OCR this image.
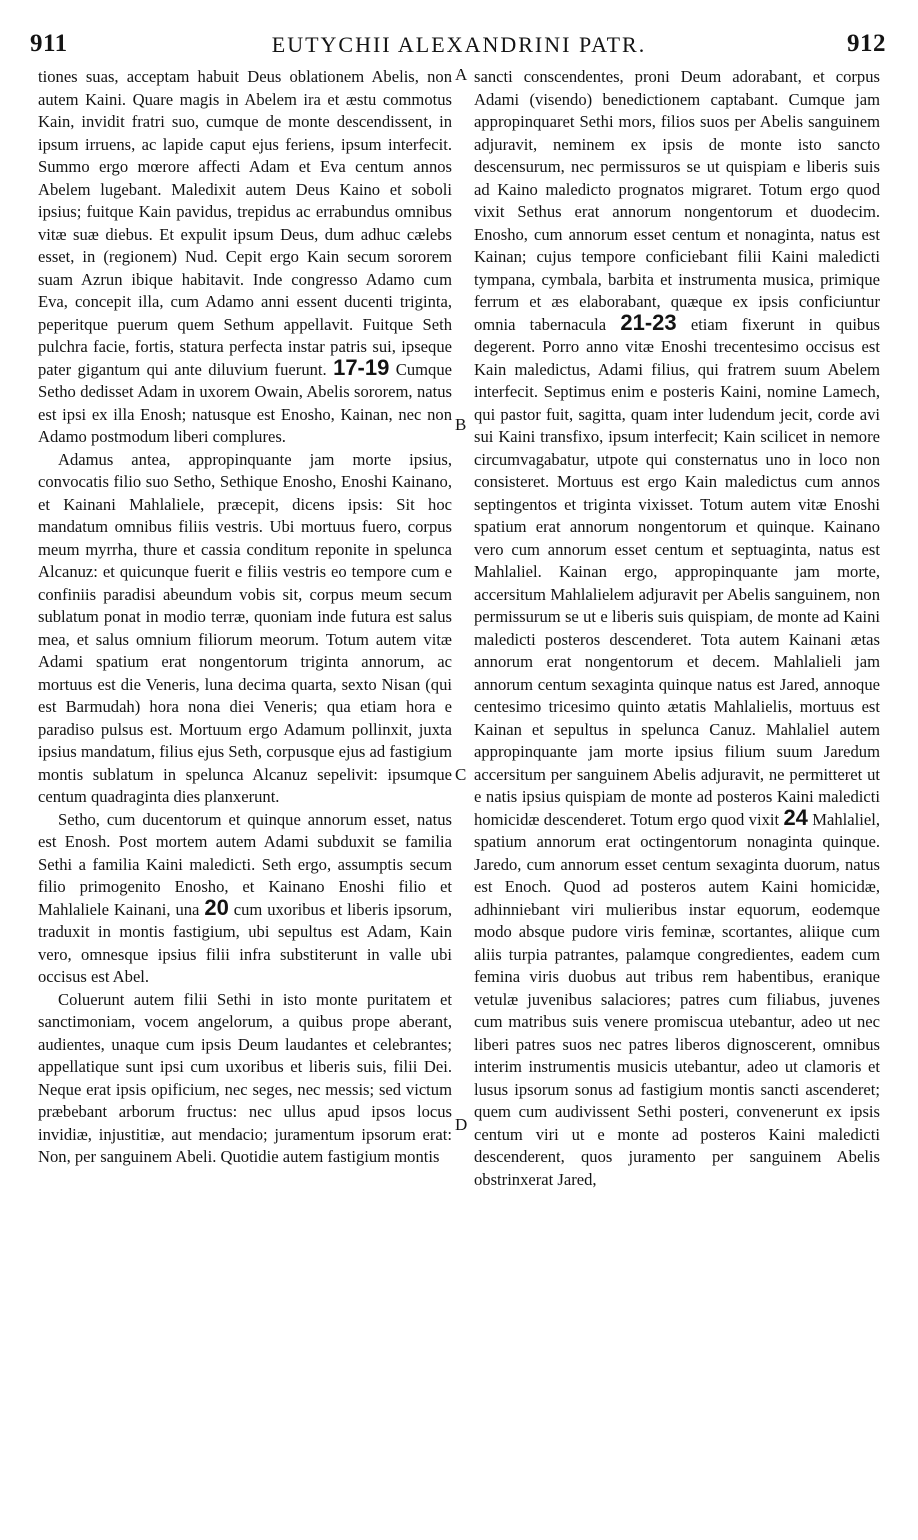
911	EUTYCHII ALEXANDRINI PATR.	912
A
B
C
D

tiones suas, acceptam habuit Deus oblationem Abelis, non autem Kaini. Quare magis in Abelem ira et æstu commotus Kain, invidit fratri suo, cumque de monte descendissent, in ipsum irruens, ac lapide caput ejus feriens, ipsum interfecit. Summo ergo mœrore affecti Adam et Eva centum annos Abelem lugebant. Maledixit autem Deus Kaino et soboli ipsius; fuitque Kain pavidus, trepidus ac errabundus omnibus vitæ suæ diebus. Et expulit ipsum Deus, dum adhuc cælebs esset, in (regionem) Nud. Cepit ergo Kain secum sororem suam Azrun ibique habitavit. Inde congresso Adamo cum Eva, concepit illa, cum Adamo anni essent ducenti triginta, peperitque puerum quem Sethum appellavit. Fuitque Seth pulchra facie, fortis, statura perfecta instar patris sui, ipseque pater gigantum qui ante diluvium fuerunt. 17-19 Cumque Setho dedisset Adam in uxorem Owain, Abelis sororem, natus est ipsi ex illa Enosh; natusque est Enosho, Kainan, nec non Adamo postmodum liberi complures.

Adamus antea, appropinquante jam morte ipsius, convocatis filio suo Setho, Sethique Enosho, Enoshi Kainano, et Kainani Mahlaliele, præcepit, dicens ipsis: Sit hoc mandatum omnibus filiis vestris. Ubi mortuus fuero, corpus meum myrrha, thure et cassia conditum reponite in spelunca Alcanuz: et quicunque fuerit e filiis vestris eo tempore cum e confiniis paradisi abeundum vobis sit, corpus meum secum sublatum ponat in modio terræ, quoniam inde futura est salus mea, et salus omnium filiorum meorum. Totum autem vitæ Adami spatium erat nongentorum triginta annorum, ac mortuus est die Veneris, luna decima quarta, sexto Nisan (qui est Barmudah) hora nona diei Veneris; qua etiam hora e paradiso pulsus est. Mortuum ergo Adamum pollinxit, juxta ipsius mandatum, filius ejus Seth, corpusque ejus ad fastigium montis sublatum in spelunca Alcanuz sepelivit: ipsumque centum quadraginta dies planxerunt.

Setho, cum ducentorum et quinque annorum esset, natus est Enosh. Post mortem autem Adami subduxit se familia Sethi a familia Kaini maledicti. Seth ergo, assumptis secum filio primogenito Enosho, et Kainano Enoshi filio et Mahlaliele Kainani, una 20 cum uxoribus et liberis ipsorum, traduxit in montis fastigium, ubi sepultus est Adam, Kain vero, omnesque ipsius filii infra substiterunt in valle ubi occisus est Abel.

Coluerunt autem filii Sethi in isto monte puritatem et sanctimoniam, vocem angelorum, a quibus prope aberant, audientes, unaque cum ipsis Deum laudantes et celebrantes; appellatique sunt ipsi cum uxoribus et liberis suis, filii Dei. Neque erat ipsis opificium, nec seges, nec messis; sed victum præbebant arborum fructus: nec ullus apud ipsos locus invidiæ, injustitiæ, aut mendacio; juramentum ipsorum erat: Non, per sanguinem Abeli. Quotidie autem fastigium montis

sancti conscendentes, proni Deum adorabant, et corpus Adami (visendo) benedictionem captabant. Cumque jam appropinquaret Sethi mors, filios suos per Abelis sanguinem adjuravit, neminem ex ipsis de monte isto sancto descensurum, nec permissuros se ut quispiam e liberis suis ad Kaino maledicto prognatos migraret. Totum ergo quod vixit Sethus erat annorum nongentorum et duodecim. Enosho, cum annorum esset centum et nonaginta, natus est Kainan; cujus tempore conficiebant filii Kaini maledicti tympana, cymbala, barbita et instrumenta musica, primique ferrum et æs elaborabant, quæque ex ipsis conficiuntur omnia tabernacula 21-23 etiam fixerunt in quibus degerent. Porro anno vitæ Enoshi trecentesimo occisus est Kain maledictus, Adami filius, qui fratrem suum Abelem interfecit. Septimus enim e posteris Kaini, nomine Lamech, qui pastor fuit, sagitta, quam inter ludendum jecit, corde avi sui Kaini transfixo, ipsum interfecit; Kain scilicet in nemore circumvagabatur, utpote qui consternatus uno in loco non consisteret. Mortuus est ergo Kain maledictus cum annos septingentos et triginta vixisset. Totum autem vitæ Enoshi spatium erat annorum nongentorum et quinque. Kainano vero cum annorum esset centum et septuaginta, natus est Mahlaliel. Kainan ergo, appropinquante jam morte, accersitum Mahlalielem adjuravit per Abelis sanguinem, non permissurum se ut e liberis suis quispiam, de monte ad Kaini maledicti posteros descenderet. Tota autem Kainani ætas annorum erat nongentorum et decem. Mahlalieli jam annorum centum sexaginta quinque natus est Jared, annoque centesimo tricesimo quinto ætatis Mahlalielis, mortuus est Kainan et sepultus in spelunca Canuz. Mahlaliel autem appropinquante jam morte ipsius filium suum Jaredum accersitum per sanguinem Abelis adjuravit, ne permitteret ut e natis ipsius quispiam de monte ad posteros Kaini maledicti homicidæ descenderet. Totum ergo quod vixit 24 Mahlaliel, spatium annorum erat octingentorum nonaginta quinque. Jaredo, cum annorum esset centum sexaginta duorum, natus est Enoch. Quod ad posteros autem Kaini homicidæ, adhinniebant viri mulieribus instar equorum, eodemque modo absque pudore viris feminæ, scortantes, aliique cum aliis turpia patrantes, palamque congredientes, eadem cum femina viris duobus aut tribus rem habentibus, eranique vetulæ juvenibus salaciores; patres cum filiabus, juvenes cum matribus suis venere promiscua utebantur, adeo ut nec liberi patres suos nec patres liberos dignoscerent, omnibus interim instrumentis musicis utebantur, adeo ut clamoris et lusus ipsorum sonus ad fastigium montis sancti ascenderet; quem cum audivissent Sethi posteri, convenerunt ex ipsis centum viri ut e monte ad posteros Kaini maledicti descenderent, quos juramento per sanguinem Abelis obstrinxerat Jared,
